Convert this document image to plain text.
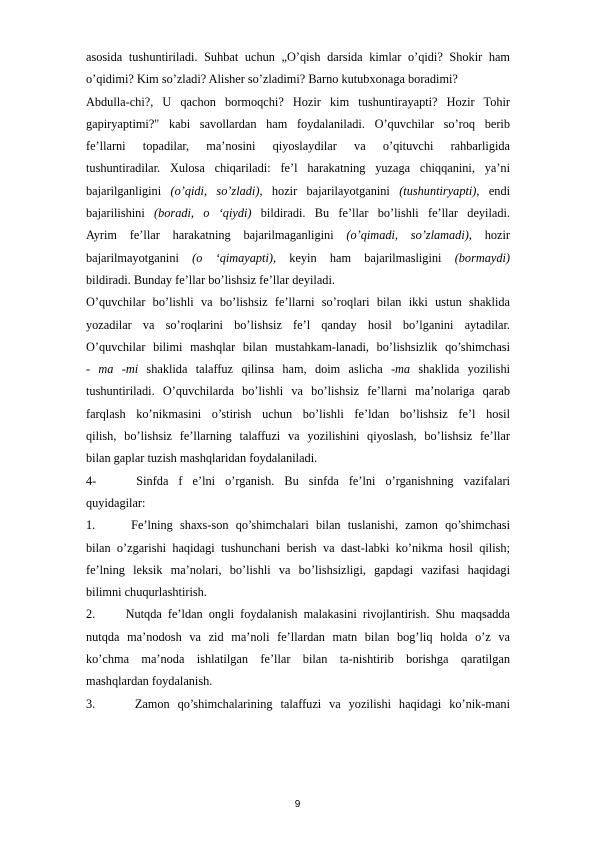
asosida tushuntiriladi. Suhbat uchun „O’qish darsida kimlar o’qidi? Shokir ham
o’qidimi? Kim so’zladi? Alisher so’zladimi? Barno kutubxonaga boradimi?
Abdulla-chi?, U qachon bormoqchi? Hozir kim tushuntirayapti? Hozir Tohir
gapiryaptimi?" kabi savollardan ham foydalaniladi. O’quvchilar so’roq berib
fe’llarni topadilar, ma’nosini qiyoslaydilar va o’qituvchi rahbarligida
tushuntiradilar. Xulosa chiqariladi: fe’l harakatning yuzaga chiqqanini, ya’ni
bajarilganligini (o’qidi, so’zladi), hozir bajarilayotganini (tushuntiryapti), endi
bajarilishini (boradi, o ‘qiydi) bildiradi. Bu fe’llar bo’lishli fe’llar deyiladi.
Ayrim fe’llar harakatning bajarilmaganligini (o’qimadi, so’zlamadi), hozir
bajarilmayotganini (o ‘qimayapti), keyin ham bajarilmasligini (bormaydi)
bildiradi. Bunday fe’llar bo’lishsiz fe’llar deyiladi.
O’quvchilar bo’lishli va bo’lishsiz fe’llarni so’roqlari bilan ikki ustun shaklida
yozadilar va so’roqlarini bo’lishsiz fe’l qanday hosil bo’lganini aytadilar.
O’quvchilar bilimi mashqlar bilan mustahkam-lanadi, bo’lishsizlik qo’shimchasi
- ma -mi shaklida talaffuz qilinsa ham, doim aslicha -ma shaklida yozilishi
tushuntiriladi. O’quvchilarda bo’lishli va bo’lishsiz fe’llarni ma’nolariga qarab
farqlash ko’nikmasini o’stirish uchun bo’lishli fe’ldan bo’lishsiz fe’l hosil
qilish, bo’lishsiz fe’llarning talaffuzi va yozilishini qiyoslash, bo’lishsiz fe’llar
bilan gaplar tuzish mashqlaridan foydalaniladi.
4-    Sinfda f e’lni o’rganish. Bu sinfda fe’lni o’rganishning vazifalari
quyidagilar:
1.     Fe’lning shaxs-son qo’shimchalari bilan tuslanishi, zamon qo’shimchasi
bilan o’zgarishi haqidagi tushunchani berish va dast-labki ko’nikma hosil qilish;
fe’lning leksik ma’nolari, bo’lishli va bo’lishsizligi, gapdagi vazifasi haqidagi
bilimni chuqurlashtirish.
2.     Nutqda fe’ldan ongli foydalanish malakasini rivojlantirish. Shu maqsadda
nutqda ma’nodosh va zid ma’noli fe’llardan matn bilan bog’liq holda o’z va
ko’chma ma’noda ishlatilgan fe’llar bilan ta-nishtirib borishga qaratilgan
mashqlardan foydalanish.
3.     Zamon qo’shimchalarining talaffuzi va yozilishi haqidagi ko’nik-mani
9
